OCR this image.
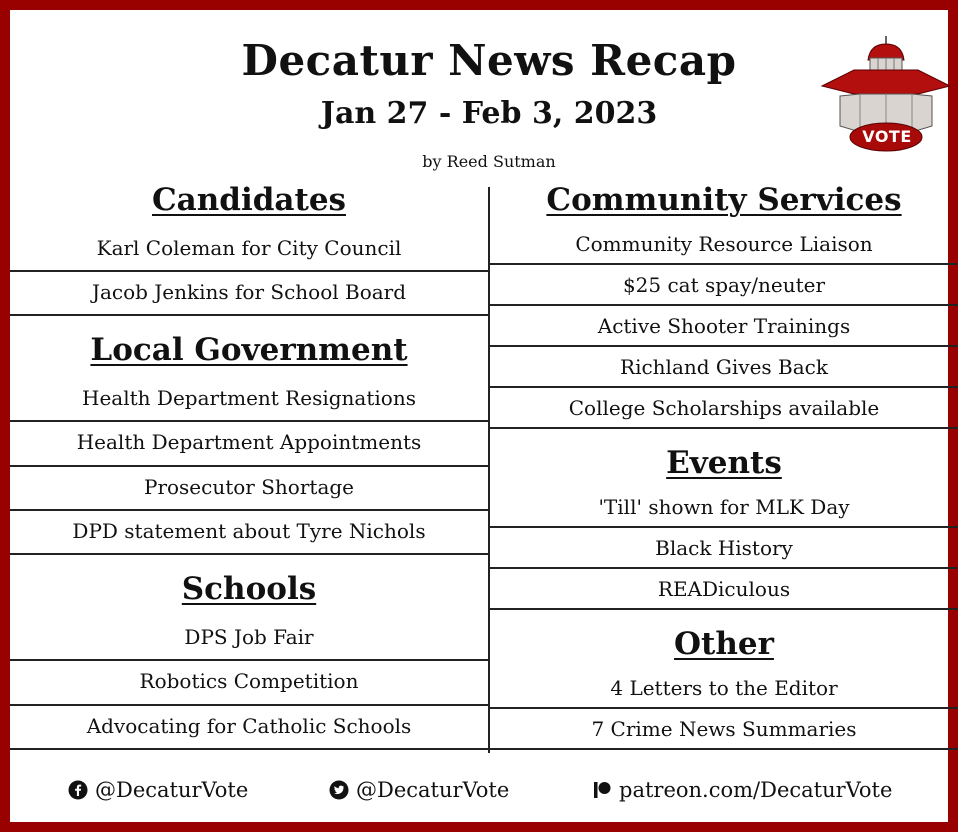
Decatur News Recap
Jan 27 - Feb 3, 2023
by Reed Sutman
VOTE
Candidates
Karl Coleman for City Council
Jacob Jenkins for School Board
Local Government
Health Department Resignations
Health Department Appointments
Prosecutor Shortage
DPD statement about Tyre Nichols
Schools
DPS Job Fair
Robotics Competition
Advocating for Catholic Schools
Community Services
Community Resource Liaison
$25 cat spay/neuter
Active Shooter Trainings
Richland Gives Back
College Scholarships available
Events
'Till' shown for MLK Day
Black History
READiculous
Other
4 Letters to the Editor
7 Crime News Summaries
@DecaturVote	@DecaturVote	patreon.com/DecaturVote
